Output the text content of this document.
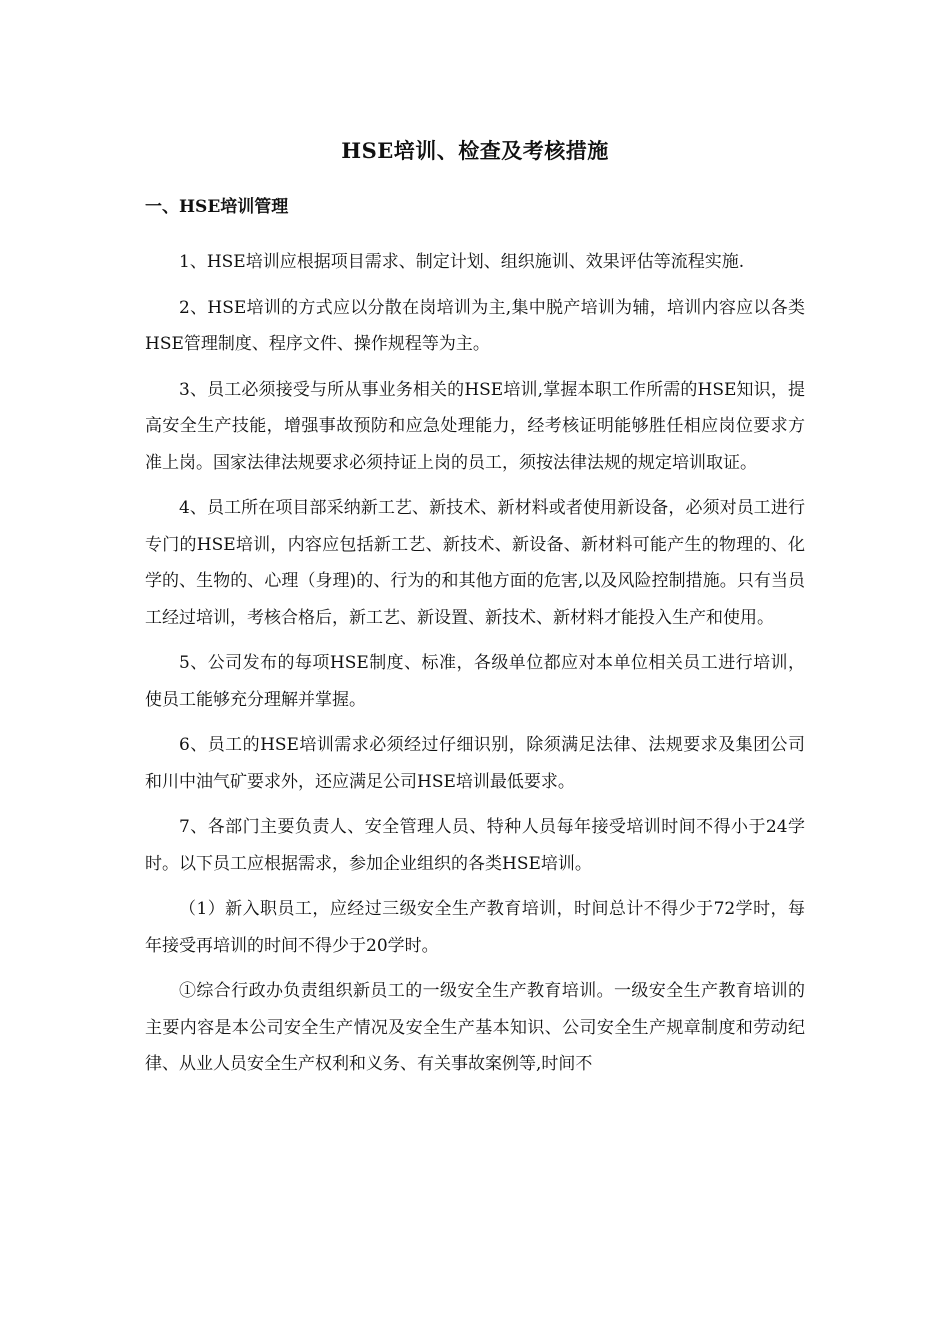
HSE培训、检查及考核措施
一、HSE培训管理

1、HSE培训应根据项目需求、制定计划、组织施训、效果评估等流程实施.

2、HSE培训的方式应以分散在岗培训为主,集中脱产培训为辅，培训内容应以各类HSE管理制度、程序文件、操作规程等为主。

3、员工必须接受与所从事业务相关的HSE培训,掌握本职工作所需的HSE知识，提高安全生产技能，增强事故预防和应急处理能力，经考核证明能够胜任相应岗位要求方准上岗。国家法律法规要求必须持证上岗的员工，须按法律法规的规定培训取证。

4、员工所在项目部采纳新工艺、新技术、新材料或者使用新设备，必须对员工进行专门的HSE培训，内容应包括新工艺、新技术、新设备、新材料可能产生的物理的、化学的、生物的、心理（身理)的、行为的和其他方面的危害,以及风险控制措施。只有当员工经过培训，考核合格后，新工艺、新设置、新技术、新材料才能投入生产和使用。

5、公司发布的每项HSE制度、标准，各级单位都应对本单位相关员工进行培训，使员工能够充分理解并掌握。

6、员工的HSE培训需求必须经过仔细识别，除须满足法律、法规要求及集团公司和川中油气矿要求外，还应满足公司HSE培训最低要求。

7、各部门主要负责人、安全管理人员、特种人员每年接受培训时间不得小于24学时。以下员工应根据需求，参加企业组织的各类HSE培训。

（1）新入职员工，应经过三级安全生产教育培训，时间总计不得少于72学时，每年接受再培训的时间不得少于20学时。

①综合行政办负责组织新员工的一级安全生产教育培训。一级安全生产教育培训的主要内容是本公司安全生产情况及安全生产基本知识、公司安全生产规章制度和劳动纪律、从业人员安全生产权利和义务、有关事故案例等,时间不
